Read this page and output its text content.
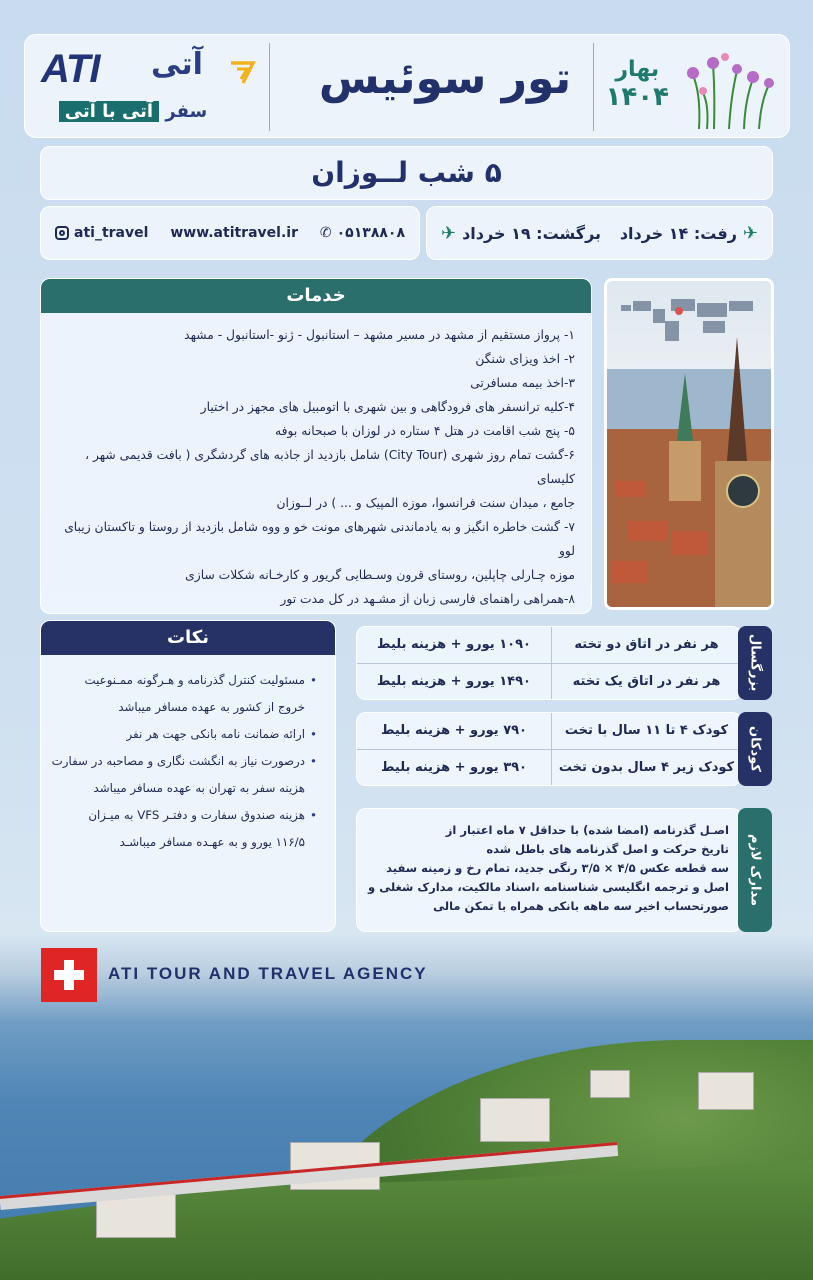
ATI آتی
سفر آتی با آتی
تور سوئیس	بهار
۱۴۰۴
۵ شب لــوزان
ati_travel www.atitravel.ir ✆ ۰۵۱۳۸۸۰۸	✈
رفت: ۱۴ خرداد
برگشت: ۱۹ خرداد
✈
خدمات
۱- پرواز مستقیم از مشهد در مسیر مشهد – استانبول - ژنو -استانبول - مشهد
۲- اخذ ویزای شنگن
۳-اخذ بیمه مسافرتی
۴-کلیه ترانسفر های فرودگاهی و بین شهری با اتومبیل های مجهز در اختیار
۵- پنج شب اقامت در هتل ۴ ستاره در لوزان با صبحانه بوفه
۶-گشت تمام روز شهری (City Tour) شامل بازدید از جاذبه های گردشگری ( بافت قدیمی شهر ، کلیسای
جامع ، میدان سنت فرانسوا، موزه المپیک و ... ) در لــوزان
۷- گشت خاطره انگیز و به یادماندنی شهرهای مونت خو و ووه شامل بازدید از روستا و تاکستان زیبای لوو
موزه چـارلی چاپلین، روستای قرون وسـطایی گریور و کارخـانه شکلات سازی
۸-همراهی راهنمای فارسی زبان از مشـهد در کل مدت تور
نکات
• مسئولیت کنترل گذرنامه و هـرگونه ممـنوعیت
خروج از کشور به عهده مسافر میباشد
• ارائه ضمانت نامه بانکی جهت هر نفر
• درصورت نیاز به انگشت نگاری و مصاحبه در سفارت
هزینه سفر به تهران به عهده مسافر میباشد
• هزینه صندوق سفارت و دفتـر VFS به میـزان
۱۱۶/۵ یورو و به عهـده مسافر میباشـد
هر نفر در اتاق دو تخته
۱۰۹۰ یورو + هزینه بلیط
هر نفر در اتاق یک تخته
۱۴۹۰ یورو + هزینه بلیط	بزرگسال
کودک ۴ تا ۱۱ سال با تخت
۷۹۰ یورو + هزینه بلیط
کودک زیر ۴ سال بدون تخت
۳۹۰ یورو + هزینه بلیط	کودکان
اصـل گذرنامه (امضا شده) با حداقل ۷ ماه اعتبار از
تاریخ حرکت و اصل گذرنامه های باطل شده
سه قطعه عکس ۴/۵ × ۳/۵ رنگی جدید، تمام رخ و زمینه سفید
اصل و ترجمه انگلیسی شناسنامه ،اسناد مالکیت، مدارک شغلی و
صورتحساب اخیر سه ماهه بانکی همراه با تمکن مالی	مدارک لازم
ATI TOUR AND TRAVEL AGENCY
